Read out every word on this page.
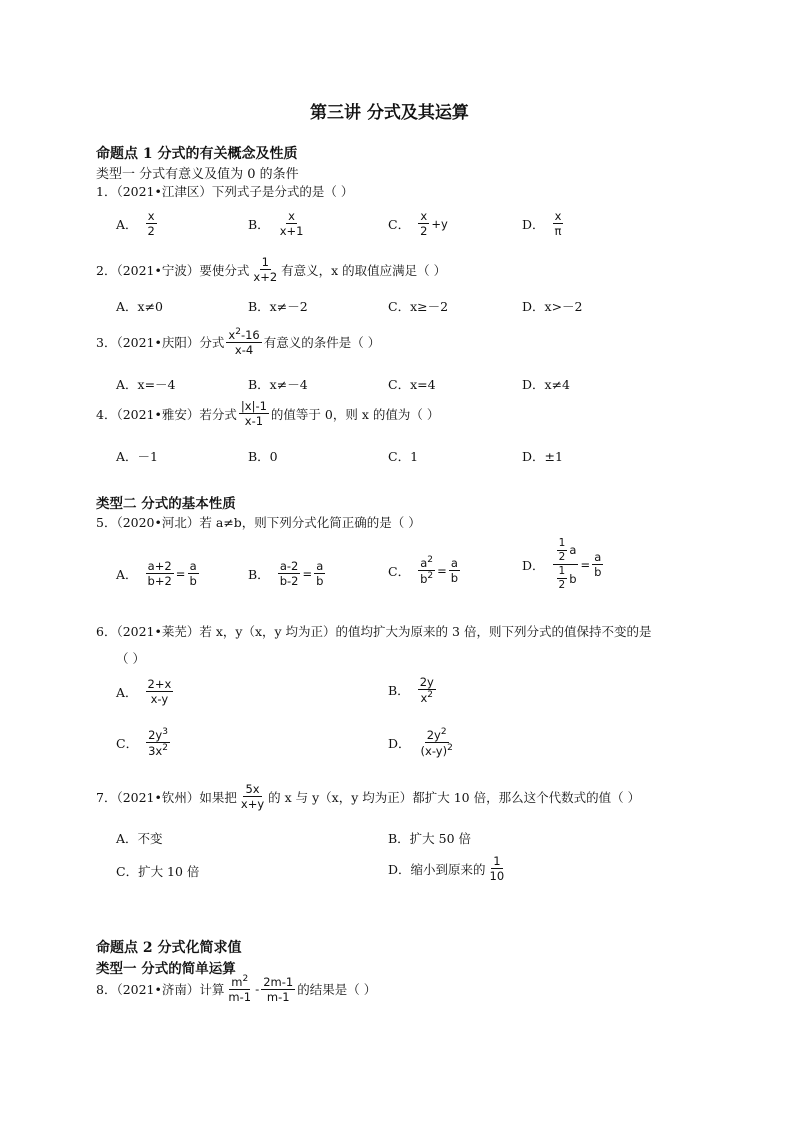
第三讲 分式及其运算
命题点 1 分式的有关概念及性质
类型一 分式有意义及值为 0 的条件
1．（2021•江津区）下列式子是分式的是（ ）
A． $\frac{x}{2}$	B． $\frac{x}{x+1}$	C． $\frac{x}{2} +y$	D． $\frac{x}{\pi}$
2．（2021•宁波）要使分式 $\frac{1}{x+2}$ 有意义，x 的取值应满足（ ）
A．x≠0	B．x≠－2	C．x≥－2	D．x>－2
3．（2021•庆阳）分式 $\frac{x^2-16}{x-4}$ 有意义的条件是（ ）
A．x=－4	B．x≠－4	C．x=4	D．x≠4
4．（2021•雅安）若分式 $\frac{|x|-1}{x-1}$ 的值等于 0，则 x 的值为（ ）
A．－1	B．0	C．1	D．±1
类型二 分式的基本性质
5．（2020•河北）若 a≠b，则下列分式化简正确的是（ ）
A． $\frac{a+2}{b+2} = \frac{a}{b}$	B． $\frac{a-2}{b-2} = \frac{a}{b}$	C． $\frac{a^2}{b^2} = \frac{a}{b}$	D． $\frac{\frac{1}{2} a}{\frac{1}{2} b} = \frac{a}{b}$
6．（2021•莱芜）若 x，y（x，y 均为正）的值均扩大为原来的 3 倍，则下列分式的值保持不变的是
（ ）
A． $\frac{2+x}{x-y}$	B． $\frac{2y}{x^2}$
C． $\frac{2y^3}{3x^2}$	D． $\frac{2y^2}{(x-y)^2}$
7．（2021•钦州）如果把 $\frac{5x}{x+y}$ 的 x 与 y（x，y 均为正）都扩大 10 倍，那么这个代数式的值（ ）
A．不变	B．扩大 50 倍
C．扩大 10 倍	D．缩小到原来的 $\frac{1}{10}$
命题点 2 分式化简求值
类型一 分式的简单运算
8．（2021•济南）计算 $\frac{m^2}{m-1} - \frac{2m-1}{m-1}$ 的结果是（ ）
